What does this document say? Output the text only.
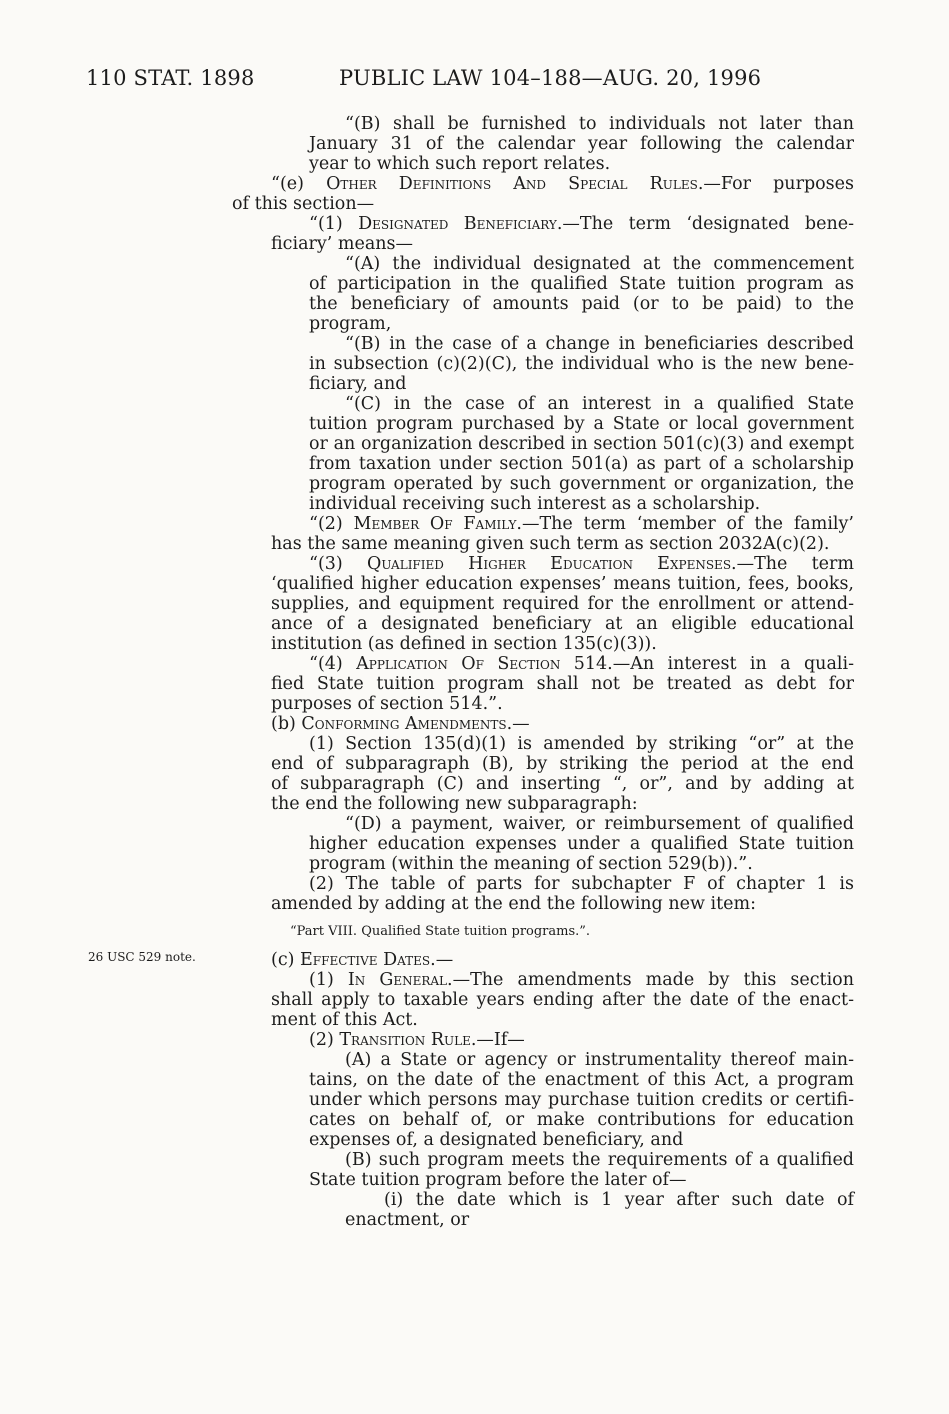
110 STAT. 1898	PUBLIC LAW 104–188—AUG. 20, 1996
26 USC 529 note.
“(B) shall be furnished to individuals not later than
January 31 of the calendar year following the calendar
year to which such report relates.
“(e) Other Definitions And Special Rules.—For purposes
of this section—
“(1) Designated Beneficiary.—The term ‘designated bene-
ficiary’ means—
“(A) the individual designated at the commencement
of participation in the qualified State tuition program as
the beneficiary of amounts paid (or to be paid) to the
program,
“(B) in the case of a change in beneficiaries described
in subsection (c)(2)(C), the individual who is the new bene-
ficiary, and
“(C) in the case of an interest in a qualified State
tuition program purchased by a State or local government
or an organization described in section 501(c)(3) and exempt
from taxation under section 501(a) as part of a scholarship
program operated by such government or organization, the
individual receiving such interest as a scholarship.
“(2) Member Of Family.—The term ‘member of the family’
has the same meaning given such term as section 2032A(c)(2).
“(3) Qualified Higher Education Expenses.—The term
‘qualified higher education expenses’ means tuition, fees, books,
supplies, and equipment required for the enrollment or attend-
ance of a designated beneficiary at an eligible educational
institution (as defined in section 135(c)(3)).
“(4) Application Of Section 514.—An interest in a quali-
fied State tuition program shall not be treated as debt for
purposes of section 514.”.
(b) Conforming Amendments.—
(1) Section 135(d)(1) is amended by striking “or” at the
end of subparagraph (B), by striking the period at the end
of subparagraph (C) and inserting “, or”, and by adding at
the end the following new subparagraph:
“(D) a payment, waiver, or reimbursement of qualified
higher education expenses under a qualified State tuition
program (within the meaning of section 529(b)).”.
(2) The table of parts for subchapter F of chapter 1 is
amended by adding at the end the following new item:
“Part VIII. Qualified State tuition programs.”.
(c) Effective Dates.—
(1) In General.—The amendments made by this section
shall apply to taxable years ending after the date of the enact-
ment of this Act.
(2) Transition Rule.—If—
(A) a State or agency or instrumentality thereof main-
tains, on the date of the enactment of this Act, a program
under which persons may purchase tuition credits or certifi-
cates on behalf of, or make contributions for education
expenses of, a designated beneficiary, and
(B) such program meets the requirements of a qualified
State tuition program before the later of—
(i) the date which is 1 year after such date of
enactment, or
